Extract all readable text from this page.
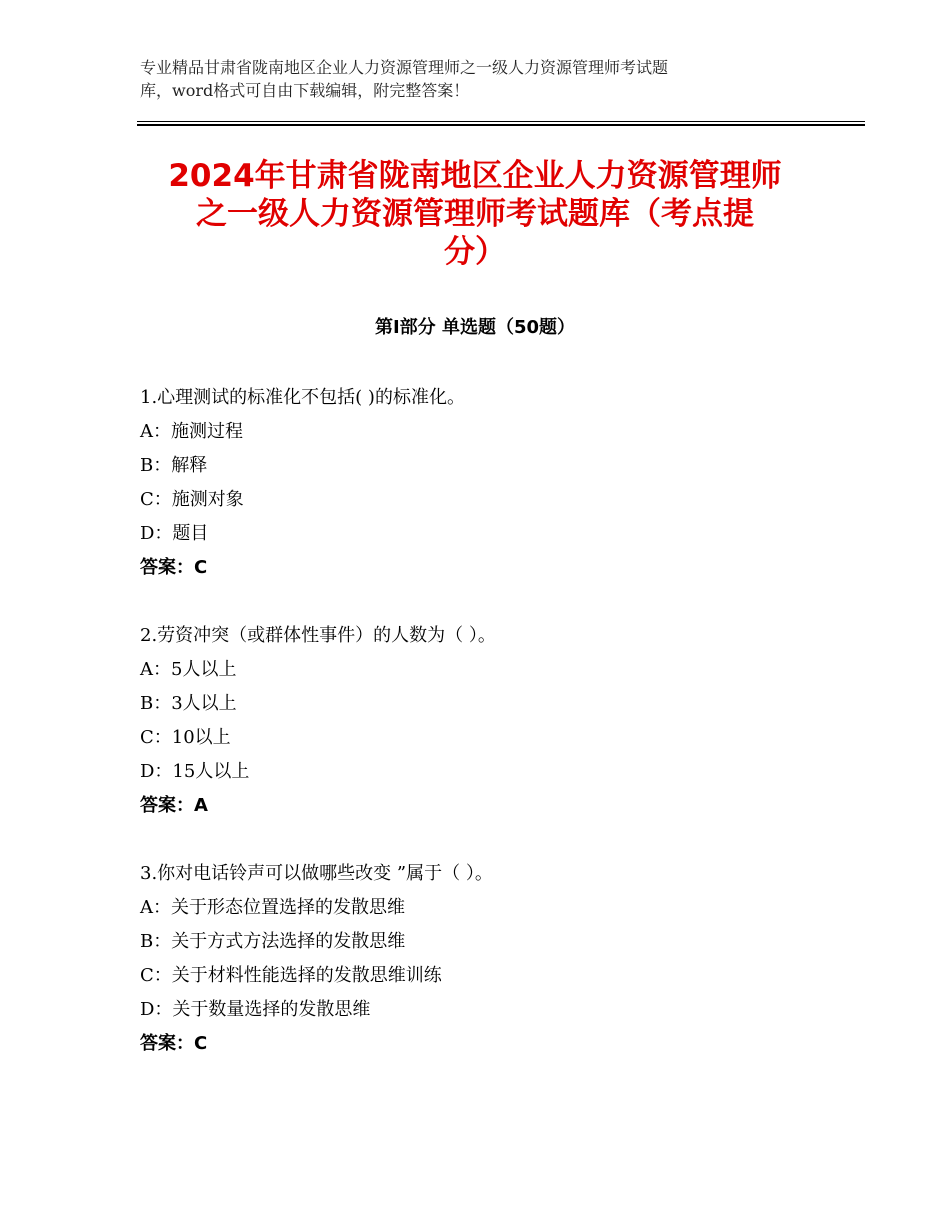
专业精品甘肃省陇南地区企业人力资源管理师之一级人力资源管理师考试题
库，word格式可自由下载编辑，附完整答案！
2024年甘肃省陇南地区企业人力资源管理师
之一级人力资源管理师考试题库（考点提
分）
第Ⅰ部分 单选题（50题）
1.心理测试的标准化不包括( )的标准化。
A：施测过程
B：解释
C：施测对象
D：题目
答案：C
2.劳资冲突（或群体性事件）的人数为（ ）。
A：5人以上
B：3人以上
C：10以上
D：15人以上
答案：A
3.你对电话铃声可以做哪些改变 ”属于（ ）。
A：关于形态位置选择的发散思维
B：关于方式方法选择的发散思维
C：关于材料性能选择的发散思维训练
D：关于数量选择的发散思维
答案：C
